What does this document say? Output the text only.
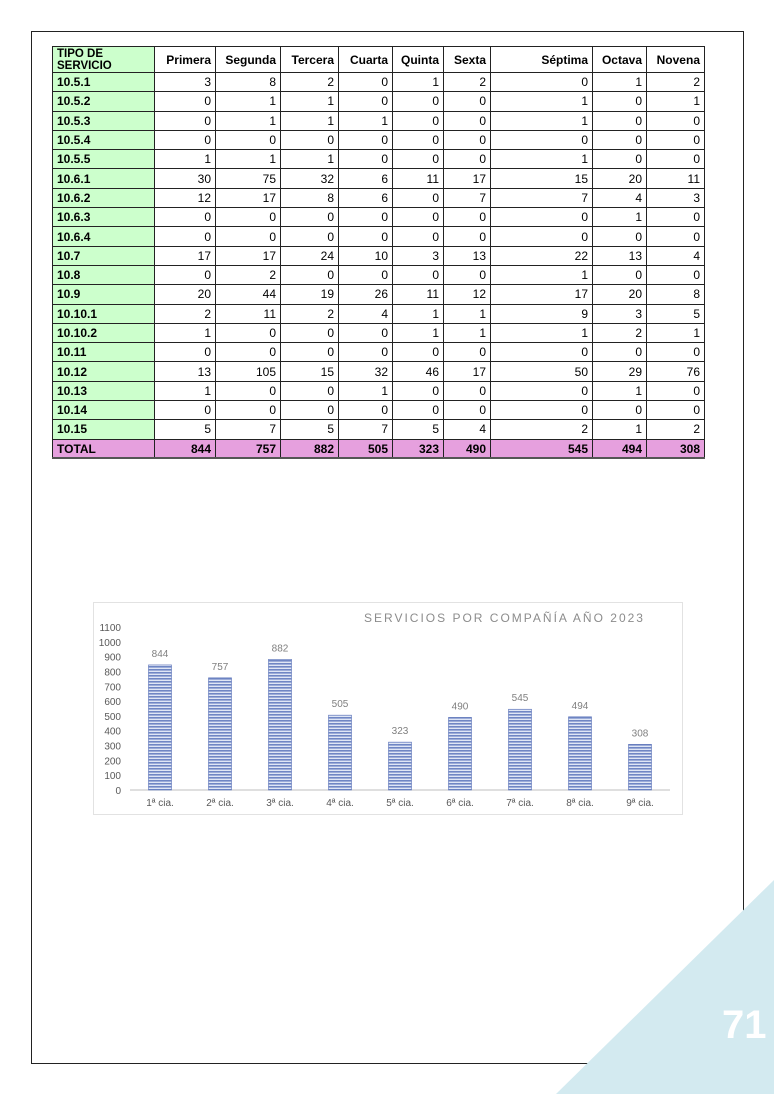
71
TIPO DE SERVICIO	Primera	Segunda	Tercera	Cuarta	Quinta	Sexta	Séptima	Octava	Novena
10.5.1	3	8	2	0	1	2	0	1	2
10.5.2	0	1	1	0	0	0	1	0	1
10.5.3	0	1	1	1	0	0	1	0	0
10.5.4	0	0	0	0	0	0	0	0	0
10.5.5	1	1	1	0	0	0	1	0	0
10.6.1	30	75	32	6	11	17	15	20	11
10.6.2	12	17	8	6	0	7	7	4	3
10.6.3	0	0	0	0	0	0	0	1	0
10.6.4	0	0	0	0	0	0	0	0	0
10.7	17	17	24	10	3	13	22	13	4
10.8	0	2	0	0	0	0	1	0	0
10.9	20	44	19	26	11	12	17	20	8
10.10.1	2	11	2	4	1	1	9	3	5
10.10.2	1	0	0	0	1	1	1	2	1
10.11	0	0	0	0	0	0	0	0	0
10.12	13	105	15	32	46	17	50	29	76
10.13	1	0	0	1	0	0	0	1	0
10.14	0	0	0	0	0	0	0	0	0
10.15	5	7	5	7	5	4	2	1	2
TOTAL	844	757	882	505	323	490	545	494	308
SERVICIOS POR COMPAÑÍA AÑO 2023
0
100
200
300
400
500
600
700
800
900
1000
1100
844
1ª cia.
757
2ª cia.
882
3ª cia.
505
4ª cia.
323
5ª cia.
490
6ª cia.
545
7ª cia.
494
8ª cia.
308
9ª cia.
